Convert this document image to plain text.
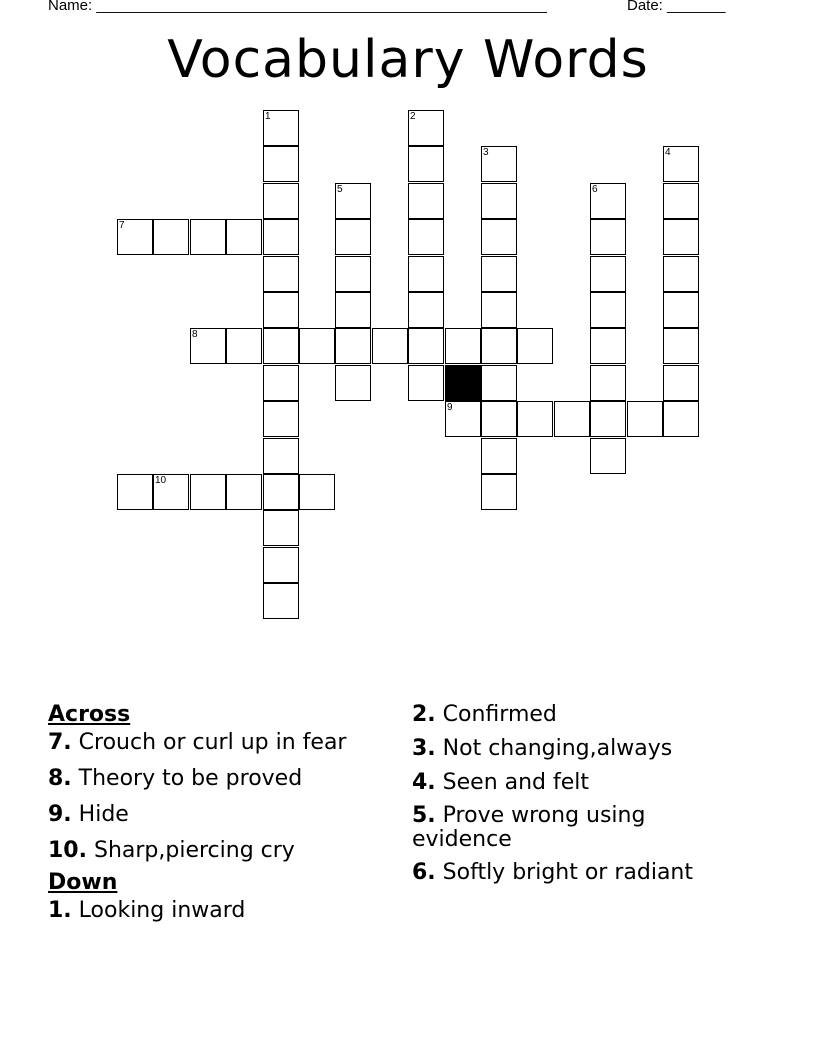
Name: ______________________________________________________	Date: _______
Vocabulary Words
1	2
3	4
5	6
7
8
9
10
Across
7. Crouch or curl up in fear
8. Theory to be proved
9. Hide
10. Sharp,piercing cry
Down
1. Looking inward
2. Confirmed
3. Not changing,always
4. Seen and felt
5. Prove wrong using evidence
6. Softly bright or radiant
